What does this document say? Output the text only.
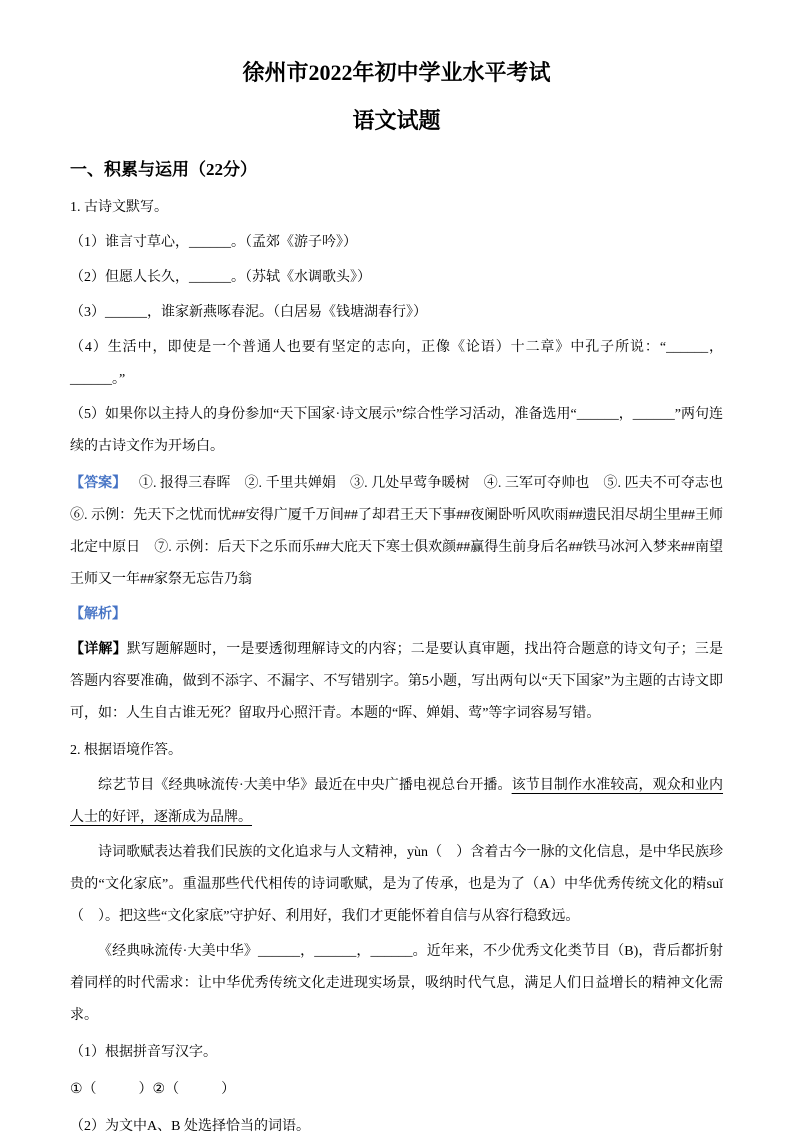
徐州市2022年初中学业水平考试
语文试题
一、积累与运用（22分）

1. 古诗文默写。

（1）谁言寸草心，______。（孟郊《游子吟》）

（2）但愿人长久，______。（苏轼《水调歌头》）

（3）______，谁家新燕啄春泥。（白居易《钱塘湖春行》）

（4）生活中，即使是一个普通人也要有坚定的志向，正像《论语）十二章》中孔子所说：“______，______。”

（5）如果你以主持人的身份参加“天下国家·诗文展示”综合性学习活动，准备选用“______，______”两句连续的古诗文作为开场白。

【答案】 ①. 报得三春晖　②. 千里共婵娟　③. 几处早莺争暖树　④. 三军可夺帅也　⑤. 匹夫不可夺志也　⑥. 示例：先天下之忧而忧##安得广厦千万间##了却君王天下事##夜阑卧听风吹雨##遗民泪尽胡尘里##王师北定中原日　⑦. 示例：后天下之乐而乐##大庇天下寒士俱欢颜##赢得生前身后名##铁马冰河入梦来##南望王师又一年##家祭无忘告乃翁

【解析】

【详解】默写题解题时，一是要透彻理解诗文的内容；二是要认真审题，找出符合题意的诗文句子；三是答题内容要准确，做到不添字、不漏字、不写错别字。第5小题，写出两句以“天下国家”为主题的古诗文即可，如：人生自古谁无死？留取丹心照汗青。本题的“晖、婵娟、莺”等字词容易写错。

2. 根据语境作答。

综艺节目《经典咏流传·大美中华》最近在中央广播电视总台开播。该节目制作水准较高，观众和业内人士的好评，逐渐成为品牌。

诗词歌赋表达着我们民族的文化追求与人文精神，yùn（　）含着古今一脉的文化信息，是中华民族珍贵的“文化家底”。重温那些代代相传的诗词歌赋，是为了传承，也是为了（A）中华优秀传统文化的精suǐ（　）。把这些“文化家底”守护好、利用好，我们才更能怀着自信与从容行稳致远。

《经典咏流传·大美中华》______，______，______。近年来，不少优秀文化类节目（B)，背后都折射着同样的时代需求：让中华优秀传统文化走进现实场景，吸纳时代气息，满足人们日益增长的精神文化需求。

（1）根据拼音写汉字。

①（　　　）②（　　　）

（2）为文中A、B 处选择恰当的词语。
